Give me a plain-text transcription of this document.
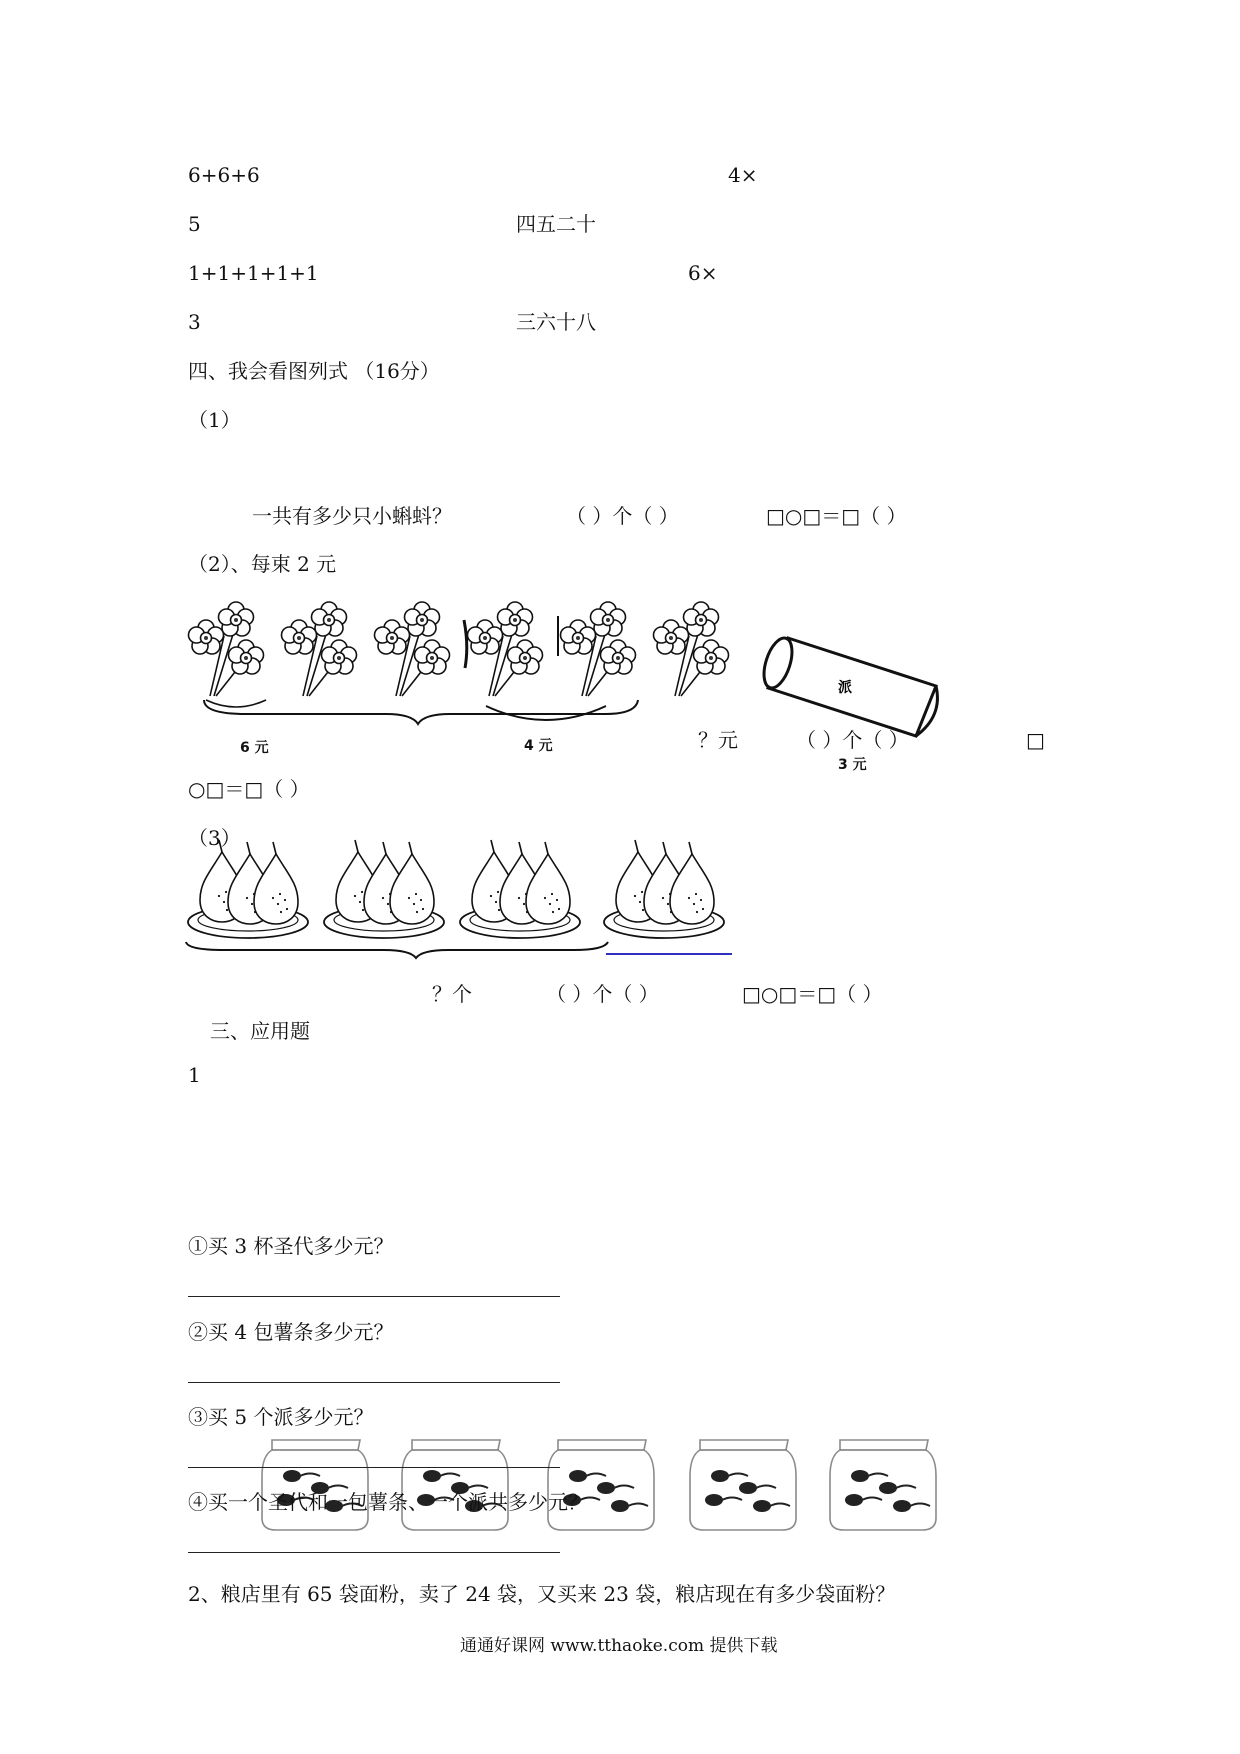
6+6+6	4×
5	四五二十
1+1+1+1+1	6×
3	三六十八
四、我会看图列式 （16分）
（1）
一共有多少只小蝌蚪？	（ ）个（ ）	□○□＝□（ ）
（2）、每束 2 元
6 元	4 元
派
3 元
？元	（ ）个（ ）	□
○□＝□（ ）
（3）
？个	（ ）个（ ）	□○□＝□（ ）
三、应用题
1
①买 3 杯圣代多少元？
②买 4 包薯条多少元？
③买 5 个派多少元？
④买一个圣代和一包薯条、一个派共多少元？
2、粮店里有 65 袋面粉，卖了 24 袋，又买来 23 袋，粮店现在有多少袋面粉？
通通好课网 www.tthaoke.com 提供下载
